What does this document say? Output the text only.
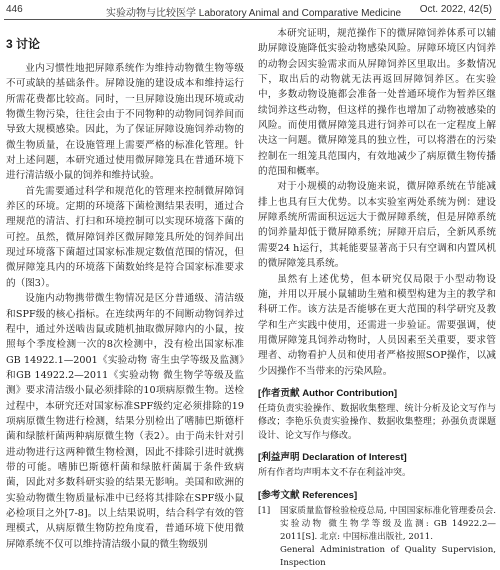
446	实验动物与比较医学 Laboratory Animal and Comparative Medicine Oct. 2022, 42(5)
3 讨论

业内习惯性地把屏障系统作为维持动物微生物等级不可或缺的基础条件。屏障设施的建设成本和维持运行所需花费都比较高。同时，一旦屏障设施出现环境或动物微生物污染，往往会由于不同物种的动物同饲养间而导致大规模感染。因此，为了保证屏障设施饲养动物的微生物质量，在设施管理上需要严格的标准化管理。针对上述问题，本研究通过使用微屏障笼具在普通环境下进行清洁级小鼠的饲养和维持试验。

首先需要通过科学和规范化的管理来控制微屏障饲养区的环境。定期的环境落下菌检测结果表明，通过合理规范的清洁、打扫和环境控制可以实现环境落下菌的可控。虽然，微屏障饲养区微屏障笼具所处的饲养间出现过环境落下菌超过国家标准规定数值范围的情况，但微屏障笼具内的环境落下菌数始终是符合国家标准要求的（图3）。

设施内动物携带微生物情况是区分普通级、清洁级和SPF级的核心指标。在连续两年的不间断动物饲养过程中，通过外送啮齿鼠或随机抽取微屏障内的小鼠，按照每个季度检测一次的8次检测中，没有检出国家标准GB 14922.1—2001《实验动物 寄生虫学等级及监测》和GB 14922.2—2011《实验动物 微生物学等级及监测》要求清洁级小鼠必须排除的10项病原微生物。送检过程中，本研究还对国家标准SPF级约定必须排除的19项病原微生物进行检测，结果分别检出了嗜肺巴斯德杆菌和绿脓杆菌两种病原微生物（表2）。由于尚未针对引进动物进行这两种微生物检测，因此不排除引进时就携带的可能。嗜肺巴斯德杆菌和绿脓杆菌属于条件致病菌，因此对多数科研实验的结果无影响。美国和欧洲的实验动物微生物质量标准中已经将其排除在SPF级小鼠必检项目之外[7-8]。以上结果说明，结合科学有效的管理模式，从病原微生物防控角度看，普通环境下使用微屏障系统不仅可以维持清洁级小鼠的微生物级别

本研究证明，规范操作下的微屏障饲养体系可以辅助屏障设施降低实验动物感染风险。屏障环境区内饲养的动物会因实验需求而从屏障饲养区里取出。多数情况下，取出后的动物就无法再返回屏障饲养区。在实验中，多数动物设施都会准备一处普通环境作为暂养区继续饲养这些动物，但这样的操作也增加了动物被感染的风险。而使用微屏障笼具进行饲养可以在一定程度上解决这一问题。微屏障笼具的独立性，可以将潜在的污染控制在一组笼具范围内，有效地减少了病原微生物传播的范围和概率。

对于小规模的动物设施来说，微屏障系统在节能减排上也具有巨大优势。以本实验室两处系统为例：建设屏障系统所需面积远远大于微屏障系统，但是屏障系统的饲养量却低于微屏障系统；屏障开启后，全新风系统需要24 h运行，其耗能要显著高于只有空调和内置风机的微屏障笼具系统。

虽然有上述优势，但本研究仅局限于小型动物设施，并用以开展小鼠辅助生殖和模型构建为主的教学和科研工作。该方法是否能够在更大范围的科学研究及教学和生产实践中使用，还需进一步验证。需要强调，使用微屏障笼具饲养动物时，人员因素至关重要，要求管理者、动物看护人员和使用者严格按照SOP操作，以减少因操作不当带来的污染风险。

[作者贡献 Author Contribution]

任琦负责实验操作、数据收集整理、统计分析及论文写作与修改；李艳乐负责实验操作、数据收集整理；孙强负责课题设计、论文写作与修改。

[利益声明 Declaration of Interest]

所有作者均声明本文不存在利益冲突。

[参考文献 References]
[1]	国家质量监督检验检疫总局, 中国国家标准化管理委员会. 实验动物 微生物学等级及监测: GB 14922.2—2011[S]. 北京: 中国标准出版社, 2011.
General Administration of Quality Supervision, Inspection
